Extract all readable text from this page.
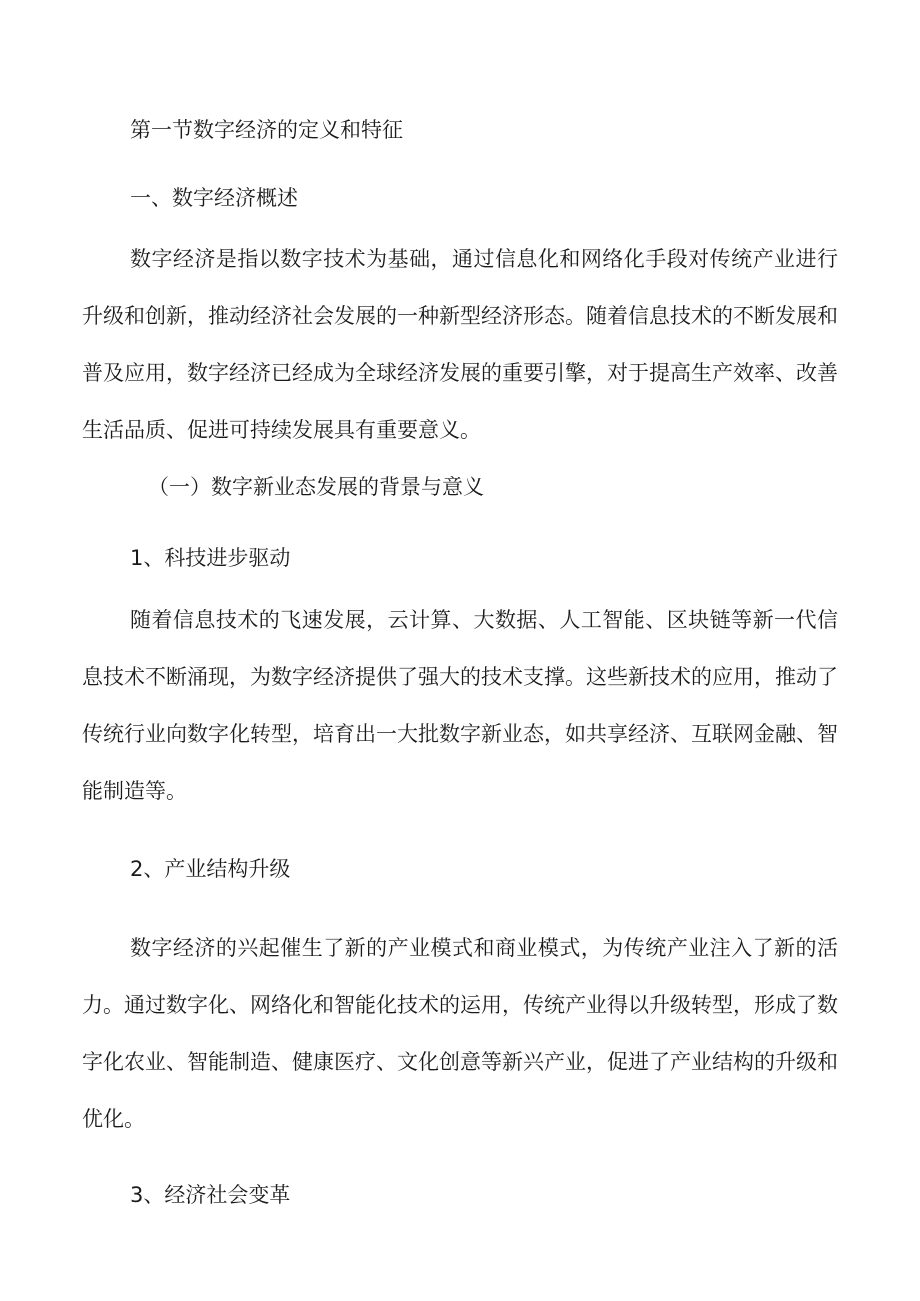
第一节数字经济的定义和特征
一、数字经济概述

数字经济是指以数字技术为基础，通过信息化和网络化手段对传统产业进行升级和创新，推动经济社会发展的一种新型经济形态。随着信息技术的不断发展和普及应用，数字经济已经成为全球经济发展的重要引擎，对于提高生产效率、改善生活品质、促进可持续发展具有重要意义。

（一）数字新业态发展的背景与意义
1、科技进步驱动

随着信息技术的飞速发展，云计算、大数据、人工智能、区块链等新一代信息技术不断涌现，为数字经济提供了强大的技术支撑。这些新技术的应用，推动了传统行业向数字化转型，培育出一大批数字新业态，如共享经济、互联网金融、智能制造等。

2、产业结构升级

数字经济的兴起催生了新的产业模式和商业模式，为传统产业注入了新的活力。通过数字化、网络化和智能化技术的运用，传统产业得以升级转型，形成了数字化农业、智能制造、健康医疗、文化创意等新兴产业，促进了产业结构的升级和优化。

3、经济社会变革
